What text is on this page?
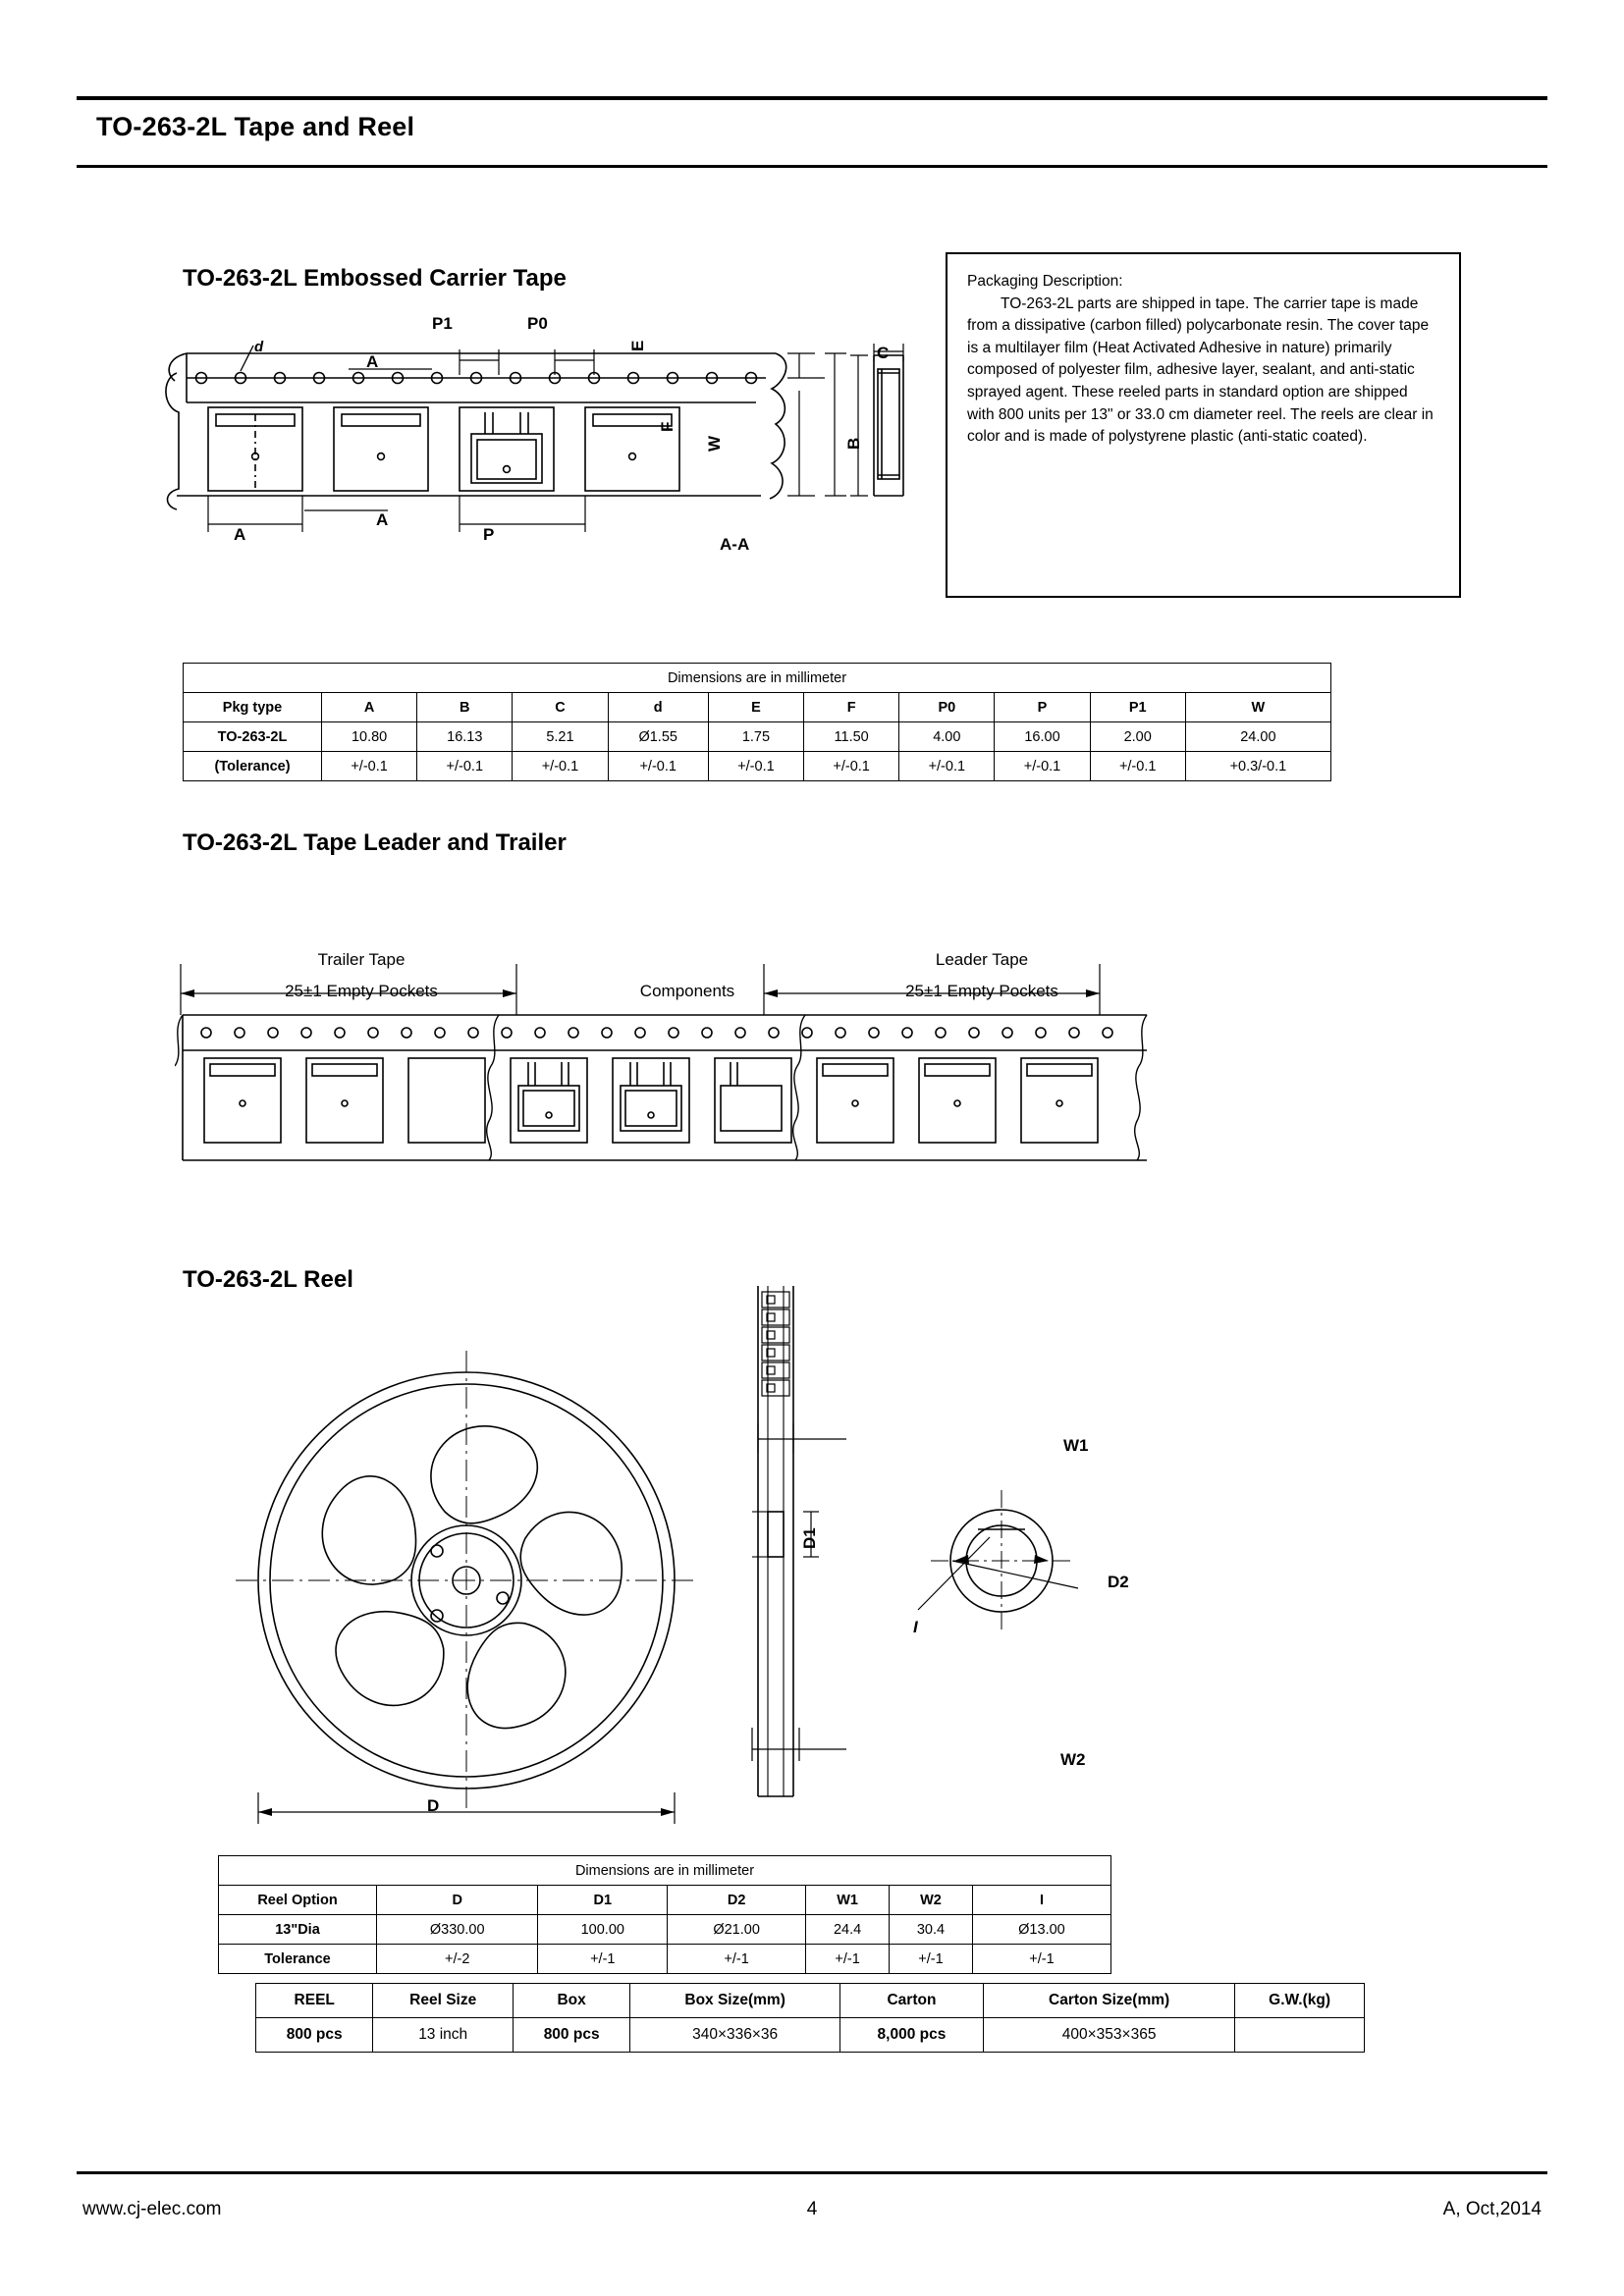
TO-263-2L Tape and Reel
TO-263-2L Embossed Carrier Tape	Packaging Description:
TO-263-2L parts are shipped in tape. The carrier tape is made from a dissipative (carbon filled) polycarbonate resin. The cover tape is a multilayer film (Heat Activated Adhesive in nature) primarily composed of polyester film, adhesive layer, sealant, and anti-static sprayed agent. These reeled parts in standard option are shipped with 800 units per 13" or 33.0 cm diameter reel. The reels are clear in color and is made of polystyrene plastic (anti-static coated).
d
P1	P0
E
F
W	B
C
A
A
A	P
A-A
Dimensions are in millimeter										
Pkg type	A	B	C	d	E	F	P0	P	P1	W
TO-263-2L	10.80	16.13	5.21	Ø1.55	1.75	11.50	4.00	16.00	2.00	24.00
(Tolerance)	+/-0.1	+/-0.1	+/-0.1	+/-0.1	+/-0.1	+/-0.1	+/-0.1	+/-0.1	+/-0.1	+0.3/-0.1
TO-263-2L Tape Leader and Trailer
Trailer Tape
25±1 Empty Pockets	Components
Leader Tape
25±1 Empty Pockets
TO-263-2L Reel
W1
W2
D1
D2
D
I
Dimensions are in millimeter						
Reel Option	D	D1	D2	W1	W2	I
13"Dia	Ø330.00	100.00	Ø21.00	24.4	30.4	Ø13.00
Tolerance	+/-2	+/-1	+/-1	+/-1	+/-1	+/-1
REEL	Reel Size	Box	Box Size(mm)	Carton	Carton Size(mm)	G.W.(kg)
800 pcs	13 inch	800 pcs	340×336×36	8,000 pcs	400×353×365	
www.cj-elec.com	4	A, Oct,2014
